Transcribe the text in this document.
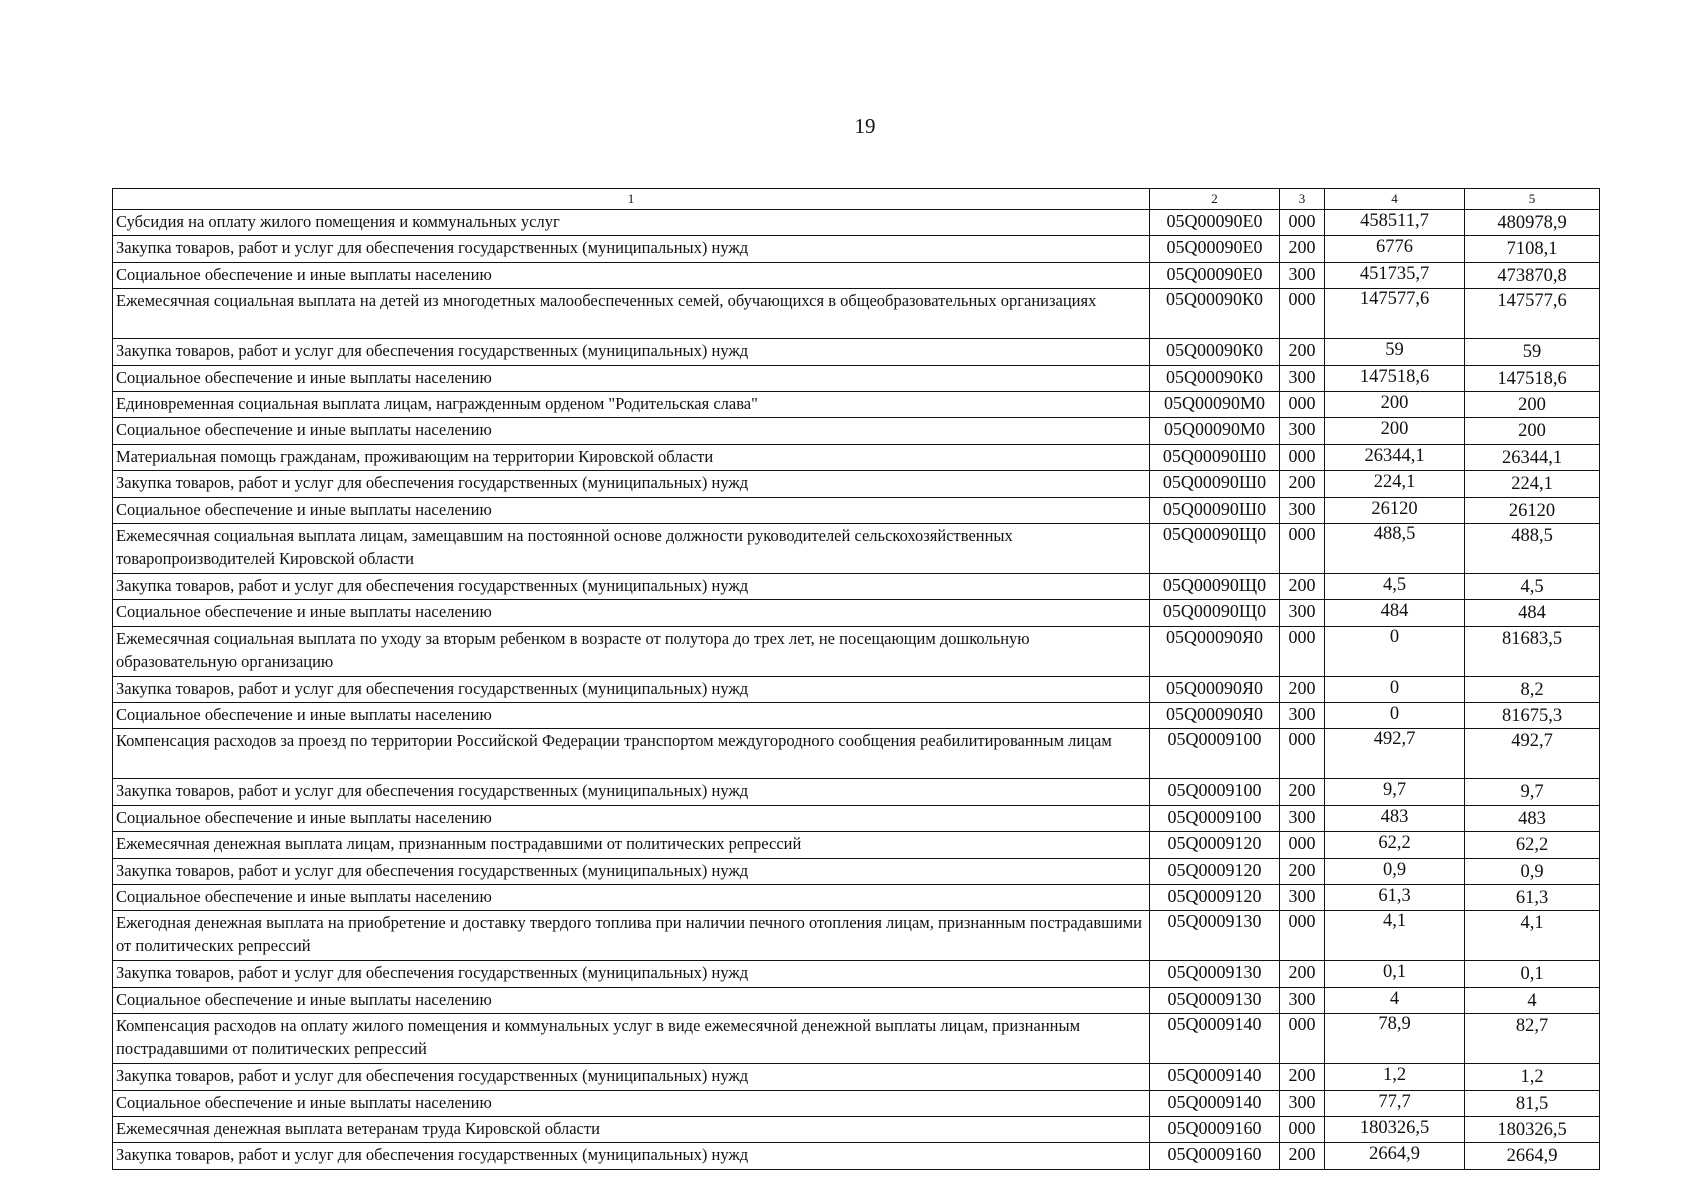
19
1	2	3	4	5
Субсидия на оплату жилого помещения и коммунальных услуг	05Q00090Е0	000	458511,7	480978,9
Закупка товаров, работ и услуг для обеспечения государственных (муниципальных) нужд	05Q00090Е0	200	6776	7108,1
Социальное обеспечение и иные выплаты населению	05Q00090Е0	300	451735,7	473870,8
Ежемесячная социальная выплата на детей из многодетных малообеспеченных семей, обучающихся в общеобразовательных организациях	05Q00090К0	000	147577,6	147577,6
Закупка товаров, работ и услуг для обеспечения государственных (муниципальных) нужд	05Q00090К0	200	59	59
Социальное обеспечение и иные выплаты населению	05Q00090К0	300	147518,6	147518,6
Единовременная социальная выплата лицам, награжденным орденом "Родительская слава"	05Q00090М0	000	200	200
Социальное обеспечение и иные выплаты населению	05Q00090М0	300	200	200
Материальная помощь гражданам, проживающим на территории Кировской области	05Q00090Ш0	000	26344,1	26344,1
Закупка товаров, работ и услуг для обеспечения государственных (муниципальных) нужд	05Q00090Ш0	200	224,1	224,1
Социальное обеспечение и иные выплаты населению	05Q00090Ш0	300	26120	26120
Ежемесячная социальная выплата лицам, замещавшим на постоянной основе должности руководителей сельскохозяйственных товаропроизводителей Кировской области	05Q00090Щ0	000	488,5	488,5
Закупка товаров, работ и услуг для обеспечения государственных (муниципальных) нужд	05Q00090Щ0	200	4,5	4,5
Социальное обеспечение и иные выплаты населению	05Q00090Щ0	300	484	484
Ежемесячная социальная выплата по уходу за вторым ребенком в возрасте от полутора до трех лет, не посещающим дошкольную образовательную организацию	05Q00090Я0	000	0	81683,5
Закупка товаров, работ и услуг для обеспечения государственных (муниципальных) нужд	05Q00090Я0	200	0	8,2
Социальное обеспечение и иные выплаты населению	05Q00090Я0	300	0	81675,3
Компенсация расходов за проезд по территории Российской Федерации транспортом междугородного сообщения реабилитированным лицам	05Q0009100	000	492,7	492,7
Закупка товаров, работ и услуг для обеспечения государственных (муниципальных) нужд	05Q0009100	200	9,7	9,7
Социальное обеспечение и иные выплаты населению	05Q0009100	300	483	483
Ежемесячная денежная выплата лицам, признанным пострадавшими от политических репрессий	05Q0009120	000	62,2	62,2
Закупка товаров, работ и услуг для обеспечения государственных (муниципальных) нужд	05Q0009120	200	0,9	0,9
Социальное обеспечение и иные выплаты населению	05Q0009120	300	61,3	61,3
Ежегодная денежная выплата на приобретение и доставку твердого топлива при наличии печного отопления лицам, признанным пострадавшими от политических репрессий	05Q0009130	000	4,1	4,1
Закупка товаров, работ и услуг для обеспечения государственных (муниципальных) нужд	05Q0009130	200	0,1	0,1
Социальное обеспечение и иные выплаты населению	05Q0009130	300	4	4
Компенсация расходов на оплату жилого помещения и коммунальных услуг в виде ежемесячной денежной выплаты лицам, признанным пострадавшими от политических репрессий	05Q0009140	000	78,9	82,7
Закупка товаров, работ и услуг для обеспечения государственных (муниципальных) нужд	05Q0009140	200	1,2	1,2
Социальное обеспечение и иные выплаты населению	05Q0009140	300	77,7	81,5
Ежемесячная денежная выплата ветеранам труда Кировской области	05Q0009160	000	180326,5	180326,5
Закупка товаров, работ и услуг для обеспечения государственных (муниципальных) нужд	05Q0009160	200	2664,9	2664,9
